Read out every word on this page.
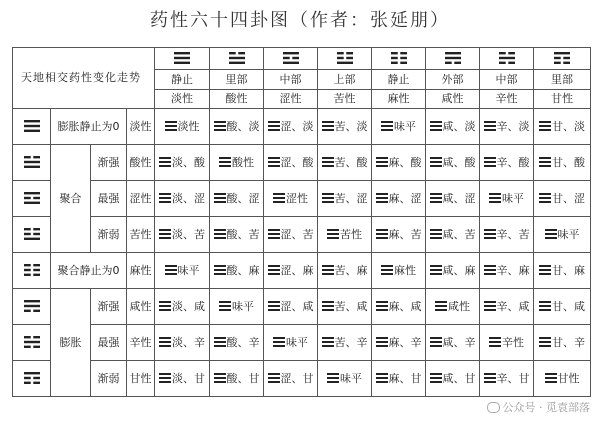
药性六十四卦图（作者：张延朋）
天地相交药性变化走势	

				静止	里部	中部	上部	静止	外部	中部	里部
				淡性	酸性	涩性	苦性	麻性	咸性	辛性	甘性

	膨胀静止为0		淡性	淡性	酸、淡	涩、淡	苦、淡	味平	咸、淡	辛、淡	甘、淡

	聚合	渐强	酸性	淡、酸	酸性	涩、酸	苦、酸	麻、酸	咸、酸	辛、酸	甘、酸

	最强	涩性	淡、涩	酸、涩	涩性	苦、涩	麻、涩	咸、涩	味平	甘、涩

	渐弱	苦性	淡、苦	酸、苦	涩、苦	苦性	麻、苦	咸、苦	辛、苦	味平

	聚合静止为0		麻性	味平	酸、麻	涩、麻	苦、麻	麻性	咸、麻	辛、麻	甘、麻

	膨胀	渐强	咸性	淡、咸	味平	涩、咸	苦、咸	麻、咸	咸性	辛、咸	甘、咸

	最强	辛性	淡、辛	酸、辛	味平	苦、辛	麻、辛	咸、辛	辛性	甘、辛

	渐弱	甘性	淡、甘	酸、甘	涩、甘	味平	麻、甘	咸、甘	辛、甘	甘性
公众号 · 觅袁部落
